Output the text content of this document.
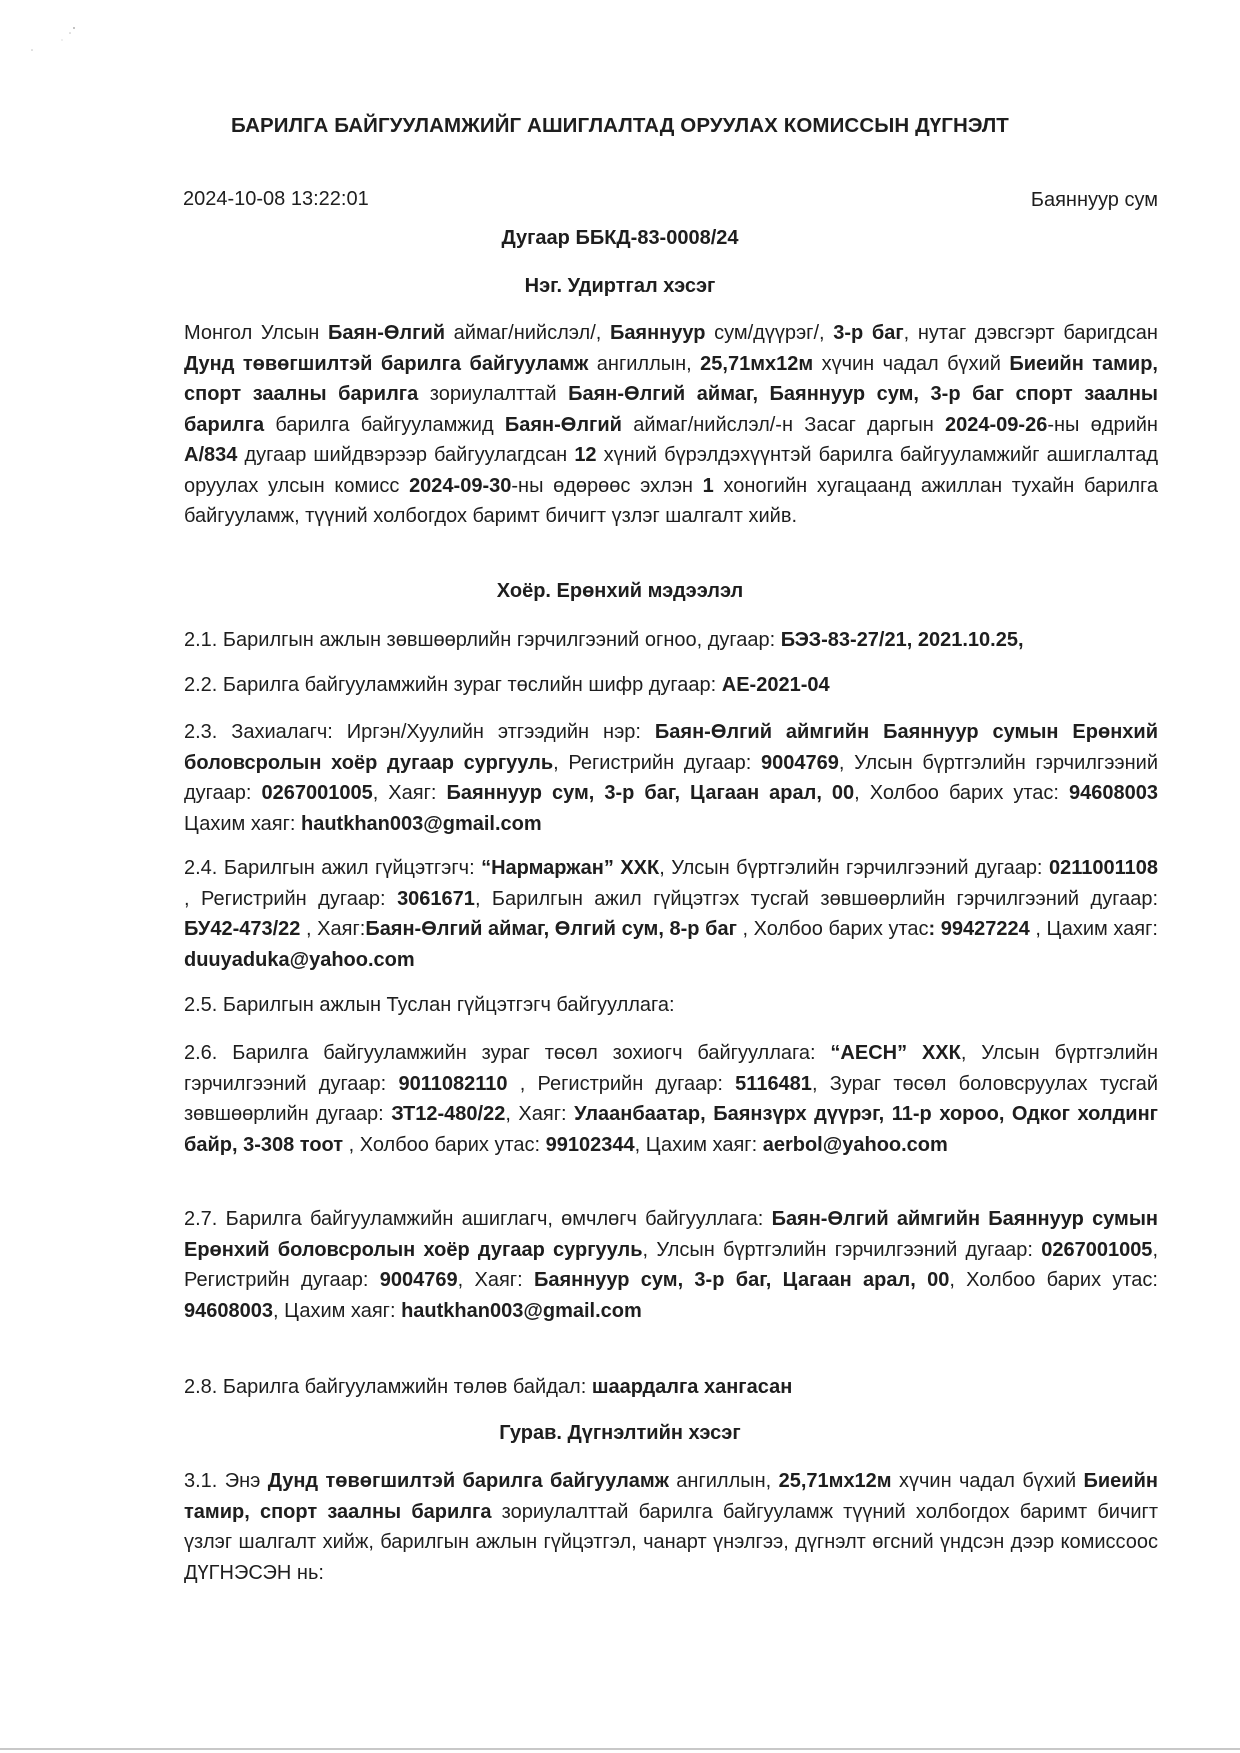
БАРИЛГА БАЙГУУЛАМЖИЙГ АШИГЛАЛТАД ОРУУЛАХ КОМИССЫН ДҮГНЭЛТ
2024-10-08 13:22:01	Баяннуур сум
Дугаар ББКД-83-0008/24
Нэг. Удиртгал хэсэг
Монгол Улсын Баян-Өлгий аймаг/нийслэл/, Баяннуур сум/дүүрэг/, 3-р баг, нутаг дэвсгэрт баригдсан Дунд төвөгшилтэй барилга байгууламж ангиллын, 25,71мх12м хүчин чадал бүхий Биеийн тамир, спорт заалны барилга зориулалттай Баян-Өлгий аймаг, Баяннуур сум, 3-р баг спорт заалны барилга барилга байгууламжид Баян-Өлгий аймаг/нийслэл/-н Засаг даргын 2024-09-26-ны өдрийн А/834 дугаар шийдвэрээр байгуулагдсан 12 хүний бүрэлдэхүүнтэй барилга байгууламжийг ашиглалтад оруулах улсын комисс 2024-09-30-ны өдөрөөс эхлэн 1 хоногийн хугацаанд ажиллан тухайн барилга байгууламж, түүний холбогдох баримт бичигт үзлэг шалгалт хийв.
Хоёр. Ерөнхий мэдээлэл
2.1. Барилгын ажлын зөвшөөрлийн гэрчилгээний огноо, дугаар: БЭЗ-83-27/21, 2021.10.25,
2.2. Барилга байгууламжийн зураг төслийн шифр дугаар: AE-2021-04
2.3. Захиалагч: Иргэн/Хуулийн этгээдийн нэр: Баян-Өлгий аймгийн Баяннуур сумын Ерөнхий боловсролын хоёр дугаар сургууль, Регистрийн дугаар: 9004769, Улсын бүртгэлийн гэрчилгээний дугаар: 0267001005, Хаяг: Баяннуур сум, 3-р баг, Цагаан арал, 00, Холбоо барих утас: 94608003 Цахим хаяг: hautkhan003@gmail.com
2.4. Барилгын ажил гүйцэтгэгч: “Нармаржан” ХХК, Улсын бүртгэлийн гэрчилгээний дугаар: 0211001108 , Регистрийн дугаар: 3061671, Барилгын ажил гүйцэтгэх тусгай зөвшөөрлийн гэрчилгээний дугаар: БУ42-473/22 , Хаяг:Баян-Өлгий аймаг, Өлгий сум, 8-р баг , Холбоо барих утас: 99427224 , Цахим хаяг: duuyaduka@yahoo.com
2.5. Барилгын ажлын Туслан гүйцэтгэгч байгууллага:
2.6. Барилга байгууламжийн зураг төсөл зохиогч байгууллага: “AECH” ХХК, Улсын бүртгэлийн гэрчилгээний дугаар: 9011082110 , Регистрийн дугаар: 5116481, Зураг төсөл боловсруулах тусгай зөвшөөрлийн дугаар: ЗТ12-480/22, Хаяг: Улаанбаатар, Баянзүрх дүүрэг, 11-р хороо, Одког холдинг байр, 3-308 тоот , Холбоо барих утас: 99102344, Цахим хаяг: aerbol@yahoo.com
2.7. Барилга байгууламжийн ашиглагч, өмчлөгч байгууллага: Баян-Өлгий аймгийн Баяннуур сумын Ерөнхий боловсролын хоёр дугаар сургууль, Улсын бүртгэлийн гэрчилгээний дугаар: 0267001005, Регистрийн дугаар: 9004769, Хаяг: Баяннуур сум, 3-р баг, Цагаан арал, 00, Холбоо барих утас: 94608003, Цахим хаяг: hautkhan003@gmail.com
2.8. Барилга байгууламжийн төлөв байдал: шаардалга хангасан
Гурав. Дүгнэлтийн хэсэг
3.1. Энэ Дунд төвөгшилтэй барилга байгууламж ангиллын, 25,71мх12м хүчин чадал бүхий Биеийн тамир, спорт заалны барилга зориулалттай барилга байгууламж түүний холбогдох баримт бичигт үзлэг шалгалт хийж, барилгын ажлын гүйцэтгэл, чанарт үнэлгээ, дүгнэлт өгсний үндсэн дээр комиссоос ДҮГНЭСЭН нь:
